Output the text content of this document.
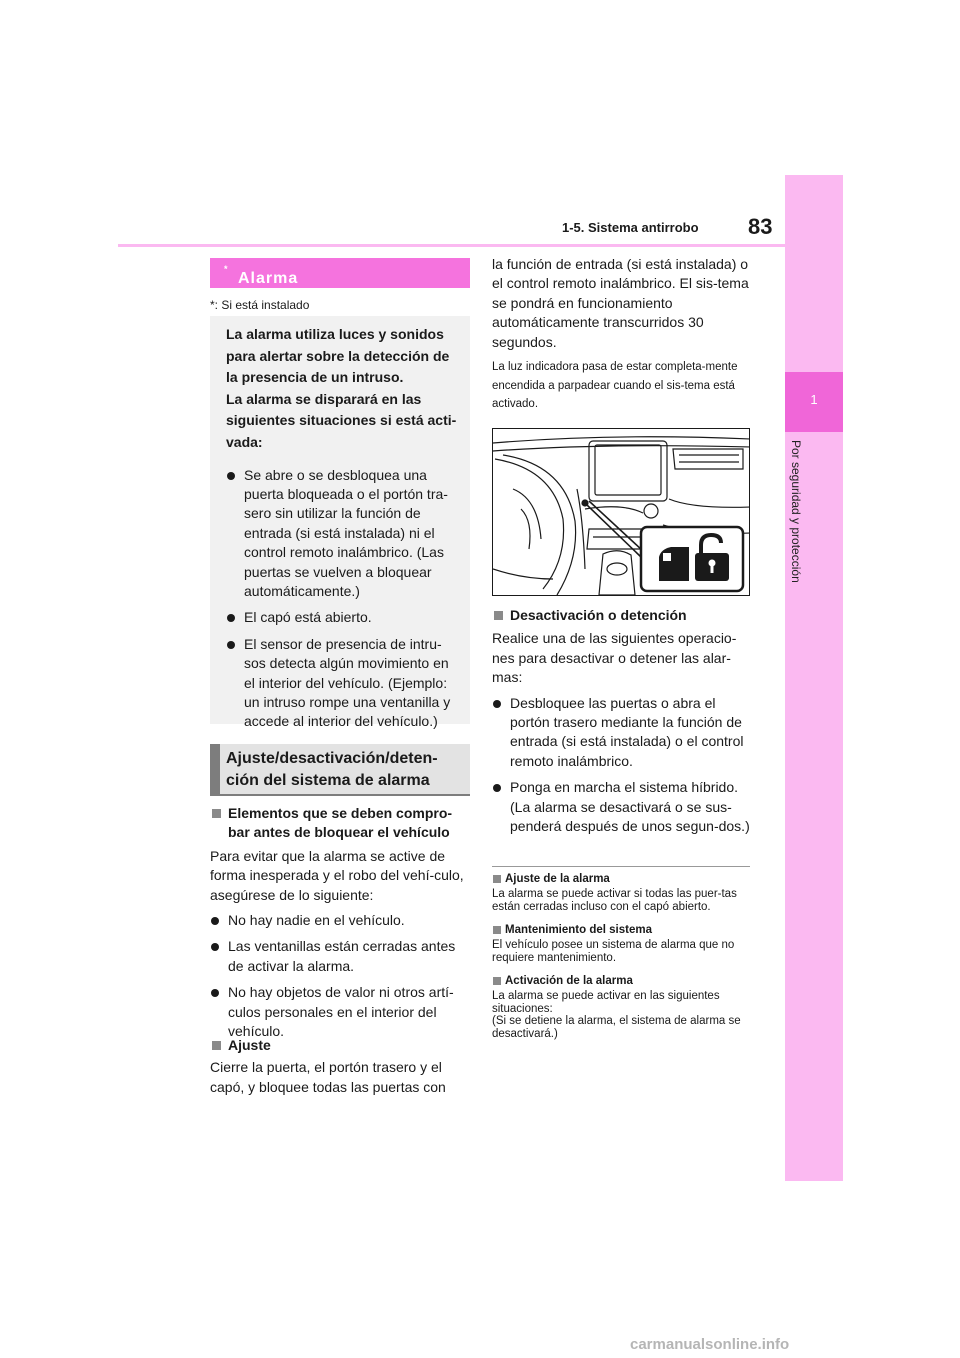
1
Por seguridad y protección
83
1-5. Sistema antirrobo
Alarma
*
*: Si está instalado
La alarma utiliza luces y sonidos
para alertar sobre la detección de
la presencia de un intruso.
La alarma se disparará en las
siguientes situaciones si está acti-
vada:
Se abre o se desbloquea una puerta bloqueada o el portón tra-sero sin utilizar la función de entrada (si está instalada) ni el control remoto inalámbrico. (Las puertas se vuelven a bloquear automáticamente.)
El capó está abierto.
El sensor de presencia de intru-sos detecta algún movimiento en el interior del vehículo. (Ejemplo: un intruso rompe una ventanilla y accede al interior del vehículo.)
Ajuste/desactivación/deten-
ción del sistema de alarma
Elementos que se deben compro-
bar antes de bloquear el vehículo
Para evitar que la alarma se active de forma inesperada y el robo del vehí-culo, asegúrese de lo siguiente:
No hay nadie en el vehículo.
Las ventanillas están cerradas antes de activar la alarma.
No hay objetos de valor ni otros artí-culos personales en el interior del vehículo.
Ajuste
Cierre la puerta, el portón trasero y el capó, y bloquee todas las puertas con
la función de entrada (si está instalada) o el control remoto inalámbrico. El sis-tema se pondrá en funcionamiento automáticamente transcurridos 30 segundos.
La luz indicadora pasa de estar completa-mente encendida a parpadear cuando el sis-tema está activado.
Desactivación o detención
Realice una de las siguientes operacio-nes para desactivar o detener las alar-mas:
Desbloquee las puertas o abra el portón trasero mediante la función de entrada (si está instalada) o el control remoto inalámbrico.
Ponga en marcha el sistema híbrido. (La alarma se desactivará o se sus-penderá después de unos segun-dos.)
Ajuste de la alarma
La alarma se puede activar si todas las puer-tas están cerradas incluso con el capó abierto.
Mantenimiento del sistema
El vehículo posee un sistema de alarma que no requiere mantenimiento.
Activación de la alarma
La alarma se puede activar en las siguientes situaciones:
(Si se detiene la alarma, el sistema de alarma se desactivará.)
carmanualsonline.info
